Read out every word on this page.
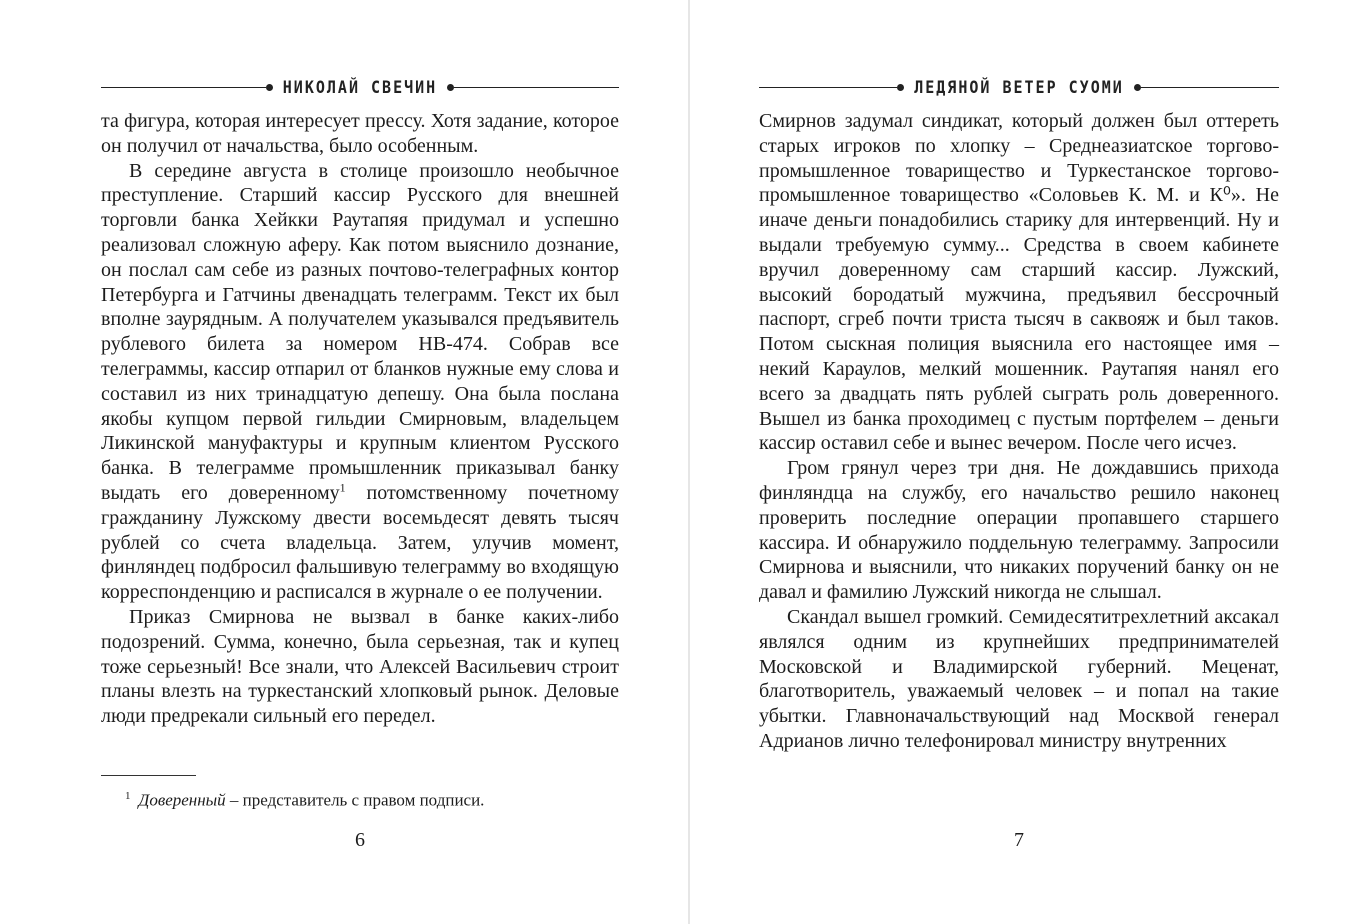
НИКОЛАЙ СВЕЧИН

та фигура, которая интересует прессу. Хотя задание, которое он получил от начальства, было особенным.

В середине августа в столице произошло необычное преступление. Старший кассир Русского для внешней торговли банка Хейкки Раутапяя придумал и успешно реализовал сложную аферу. Как потом выяснило дознание, он послал сам себе из разных почтово-телеграфных контор Петербурга и Гатчины двенадцать телеграмм. Текст их был вполне заурядным. А получателем указывался предъявитель рублевого билета за номером НВ-474. Собрав все телеграммы, кассир отпарил от бланков нужные ему слова и составил из них тринадцатую депешу. Она была послана якобы купцом первой гильдии Смирновым, владельцем Ликинской мануфактуры и крупным клиентом Русского банка. В телеграмме промышленник приказывал банку выдать его доверенному$^1$ потомственному почетному гражданину Лужскому двести восемьдесят девять тысяч рублей со счета владельца. Затем, улучив момент, финляндец подбросил фальшивую телеграмму во входящую корреспонденцию и расписался в журнале о ее получении.

Приказ Смирнова не вызвал в банке каких-либо подозрений. Сумма, конечно, была серьезная, так и купец тоже серьезный! Все знали, что Алексей Васильевич строит планы влезть на туркестанский хлопковый рынок. Деловые люди предрекали сильный его передел.

$^1$ Доверенный – представитель с правом подписи.
6
ЛЕДЯНОЙ ВЕТЕР СУОМИ

Смирнов задумал синдикат, который должен был оттереть старых игроков по хлопку – Среднеазиатское торгово-промышленное товарищество и Туркестанское торгово-промышленное товарищество «Соловьев К. М. и К⁰». Не иначе деньги понадобились старику для интервенций. Ну и выдали требуемую сумму... Средства в своем кабинете вручил доверенному сам старший кассир. Лужский, высокий бородатый мужчина, предъявил бессрочный паспорт, сгреб почти триста тысяч в саквояж и был таков. Потом сыскная полиция выяснила его настоящее имя – некий Караулов, мелкий мошенник. Раутапяя нанял его всего за двадцать пять рублей сыграть роль доверенного. Вышел из банка проходимец с пустым портфелем – деньги кассир оставил себе и вынес вечером. После чего исчез.

Гром грянул через три дня. Не дождавшись прихода финляндца на службу, его начальство решило наконец проверить последние операции пропавшего старшего кассира. И обнаружило поддельную телеграмму. Запросили Смирнова и выяснили, что никаких поручений банку он не давал и фамилию Лужский никогда не слышал.

Скандал вышел громкий. Семидесятитрехлетний аксакал являлся одним из крупнейших предпринимателей Московской и Владимирской губерний. Меценат, благотворитель, уважаемый человек – и попал на такие убытки. Главноначальствующий над Москвой генерал Адрианов лично телефонировал министру внутренних

7
